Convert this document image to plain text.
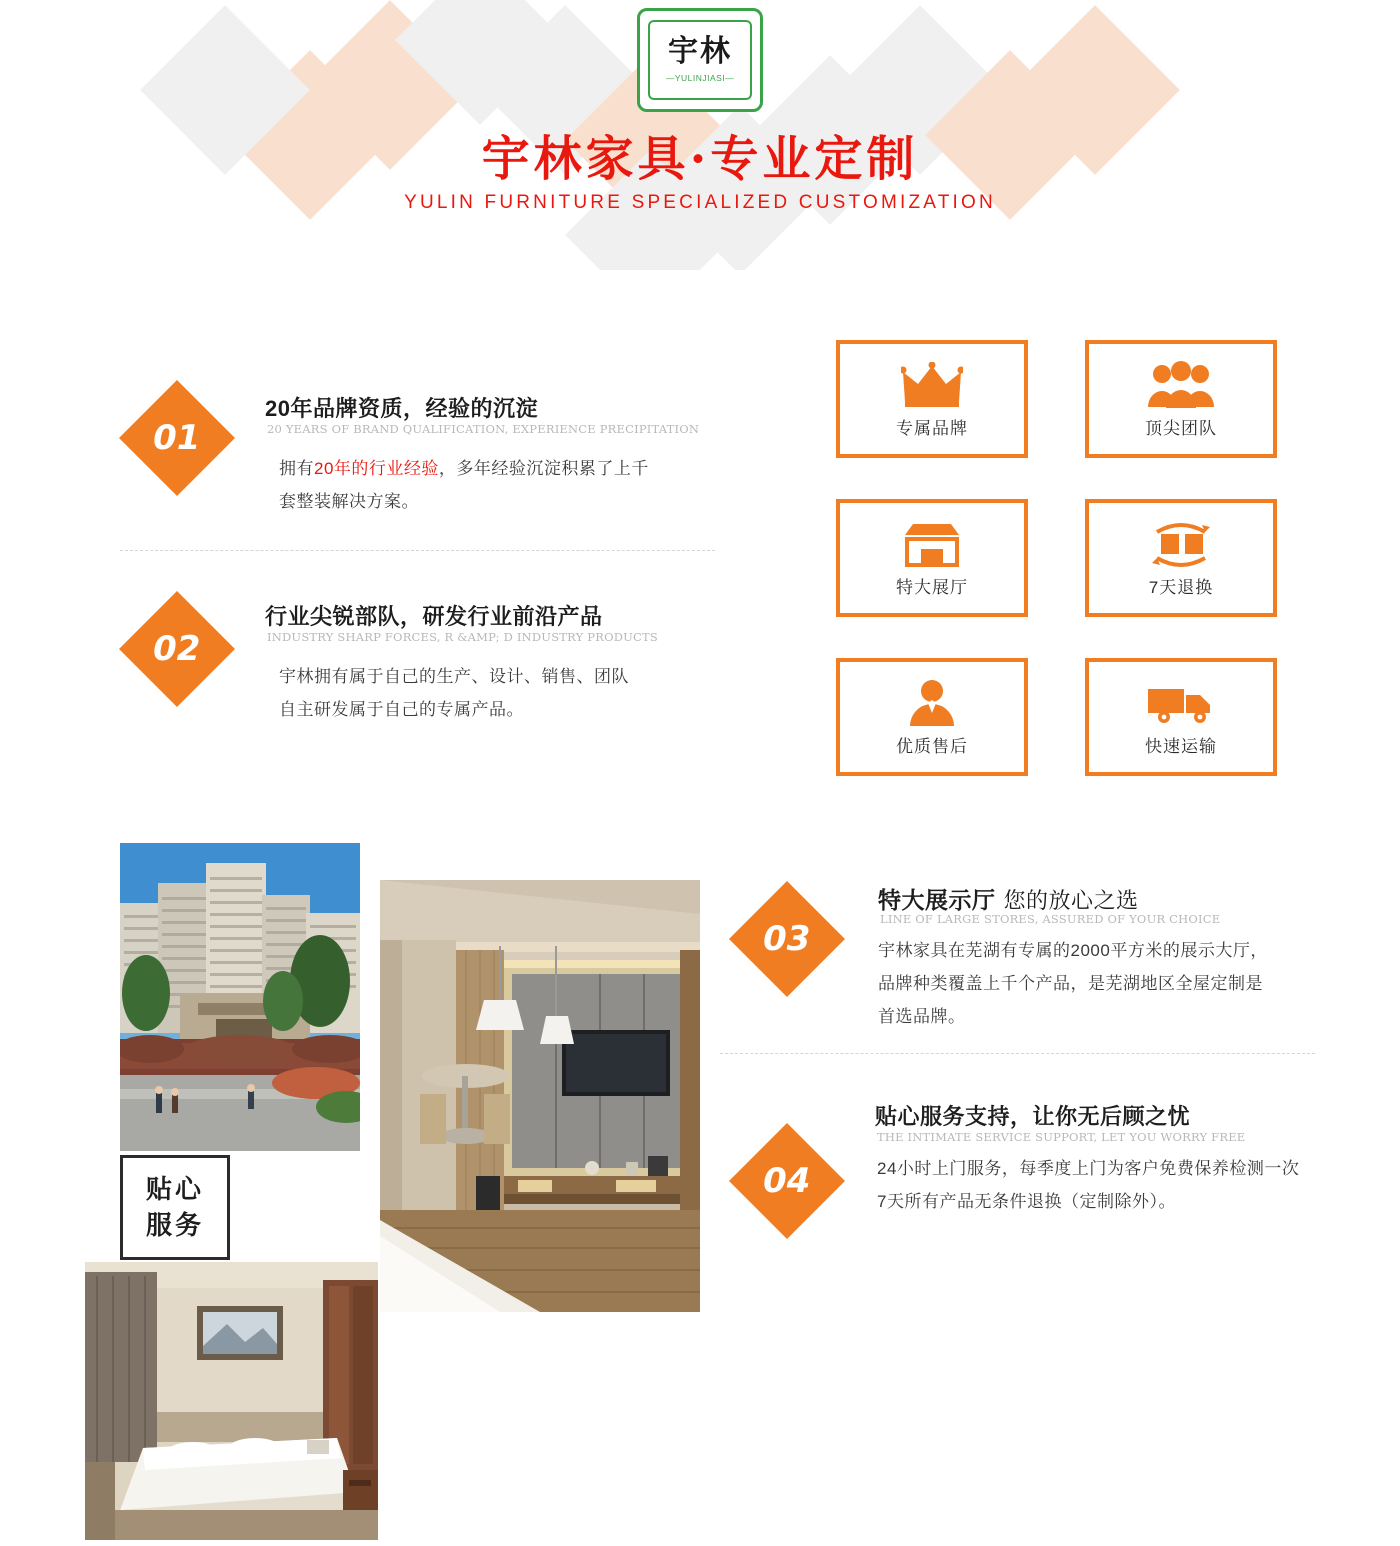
宇林
—YULINJIASI—
宇林家具·专业定制
YULIN FURNITURE SPECIALIZED CUSTOMIZATION
01
20年品牌资质，经验的沉淀
20 YEARS OF BRAND QUALIFICATION, EXPERIENCE PRECIPITATION
拥有20年的行业经验，多年经验沉淀积累了上千
套整装解决方案。
02
行业尖锐部队，研发行业前沿产品
INDUSTRY SHARP FORCES, R &AMP; D INDUSTRY PRODUCTS
宇林拥有属于自己的生产、设计、销售、团队
自主研发属于自己的专属产品。
专属品牌	顶尖团队
特大展厅	7天退换
优质售后	快速运输
贴心
服务
03
特大展示厅 您的放心之选
LINE OF LARGE STORES, ASSURED OF YOUR CHOICE
宇林家具在芜湖有专属的2000平方米的展示大厅，
品牌种类覆盖上千个产品，是芜湖地区全屋定制是
首选品牌。
04
贴心服务支持，让你无后顾之忧
THE INTIMATE SERVICE SUPPORT, LET YOU WORRY FREE
24小时上门服务，每季度上门为客户免费保养检测一次
7天所有产品无条件退换（定制除外）。
